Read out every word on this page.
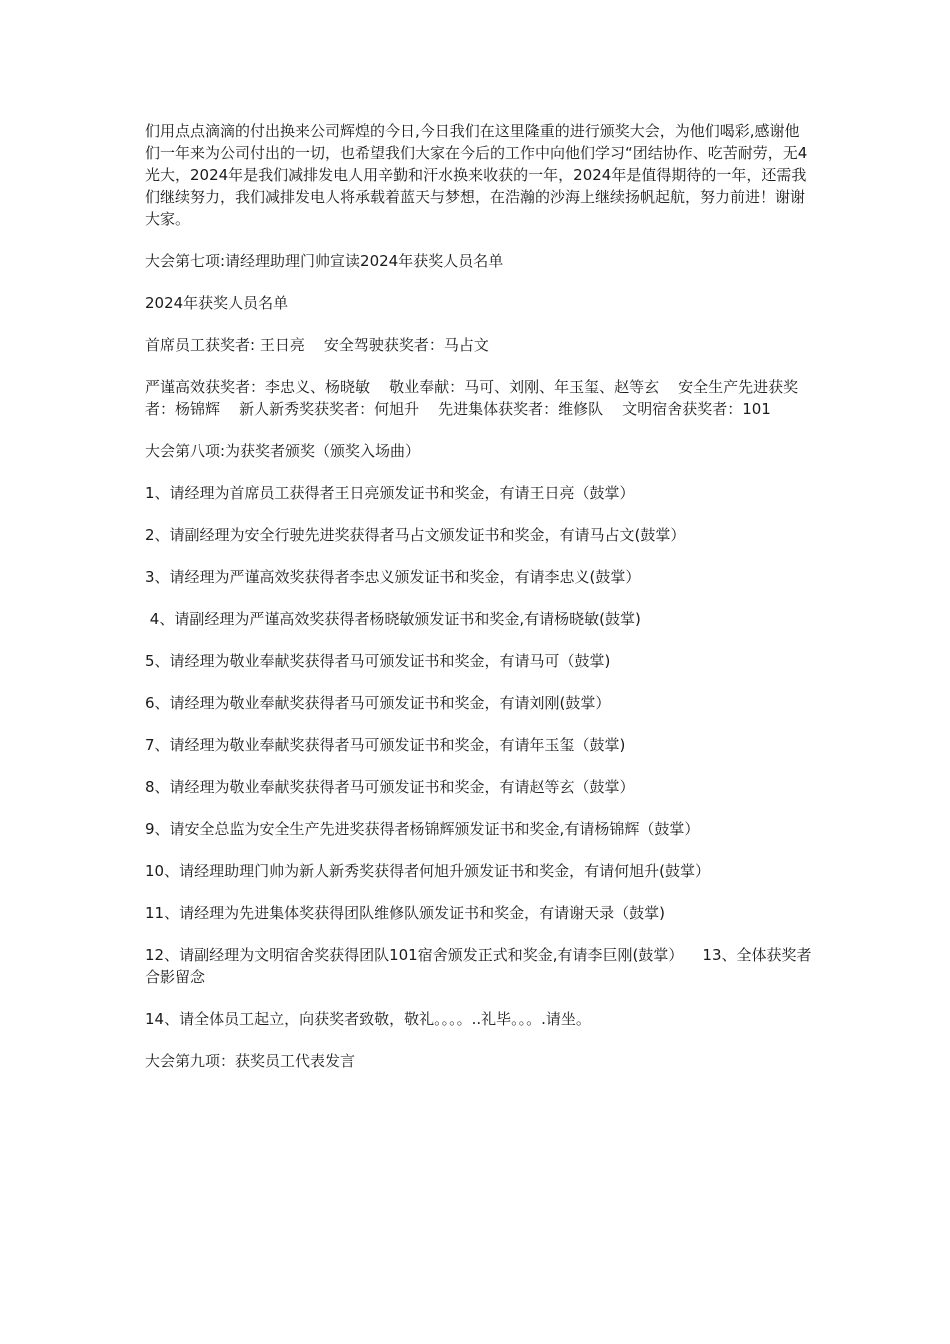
们用点点滴滴的付出换来公司辉煌的今日,今日我们在这里隆重的进行颁奖大会，为他们喝彩,感谢他们一年来为公司付出的一切，也希望我们大家在今后的工作中向他们学习“团结协作、吃苦耐劳，无4光大，2024年是我们减排发电人用辛勤和汗水换来收获的一年，2024年是值得期待的一年，还需我们继续努力，我们减排发电人将承载着蓝天与梦想，在浩瀚的沙海上继续扬帆起航，努力前进！谢谢大家。

大会第七项:请经理助理门帅宣读2024年获奖人员名单

2024年获奖人员名单

首席员工获奖者: 王日亮    安全驾驶获奖者：马占文

严谨高效获奖者：李忠义、杨晓敏    敬业奉献：马可、刘刚、年玉玺、赵等玄    安全生产先进获奖者：杨锦辉    新人新秀奖获奖者：何旭升    先进集体获奖者：维修队    文明宿舍获奖者：101

大会第八项:为获奖者颁奖（颁奖入场曲）

1、请经理为首席员工获得者王日亮颁发证书和奖金，有请王日亮（鼓掌）

2、请副经理为安全行驶先进奖获得者马占文颁发证书和奖金，有请马占文(鼓掌）

3、请经理为严谨高效奖获得者李忠义颁发证书和奖金，有请李忠义(鼓掌）

4、请副经理为严谨高效奖获得者杨晓敏颁发证书和奖金,有请杨晓敏(鼓掌)

5、请经理为敬业奉献奖获得者马可颁发证书和奖金，有请马可（鼓掌)

6、请经理为敬业奉献奖获得者马可颁发证书和奖金，有请刘刚(鼓掌）

7、请经理为敬业奉献奖获得者马可颁发证书和奖金，有请年玉玺（鼓掌)

8、请经理为敬业奉献奖获得者马可颁发证书和奖金，有请赵等玄（鼓掌）

9、请安全总监为安全生产先进奖获得者杨锦辉颁发证书和奖金,有请杨锦辉（鼓掌）

10、请经理助理门帅为新人新秀奖获得者何旭升颁发证书和奖金，有请何旭升(鼓掌）

11、请经理为先进集体奖获得团队维修队颁发证书和奖金，有请谢天录（鼓掌)

12、请副经理为文明宿舍奖获得团队101宿舍颁发正式和奖金,有请李巨刚(鼓掌）    13、全体获奖者合影留念

14、请全体员工起立，向获奖者致敬，敬礼。。。。..礼毕。。。.请坐。

大会第九项：获奖员工代表发言
